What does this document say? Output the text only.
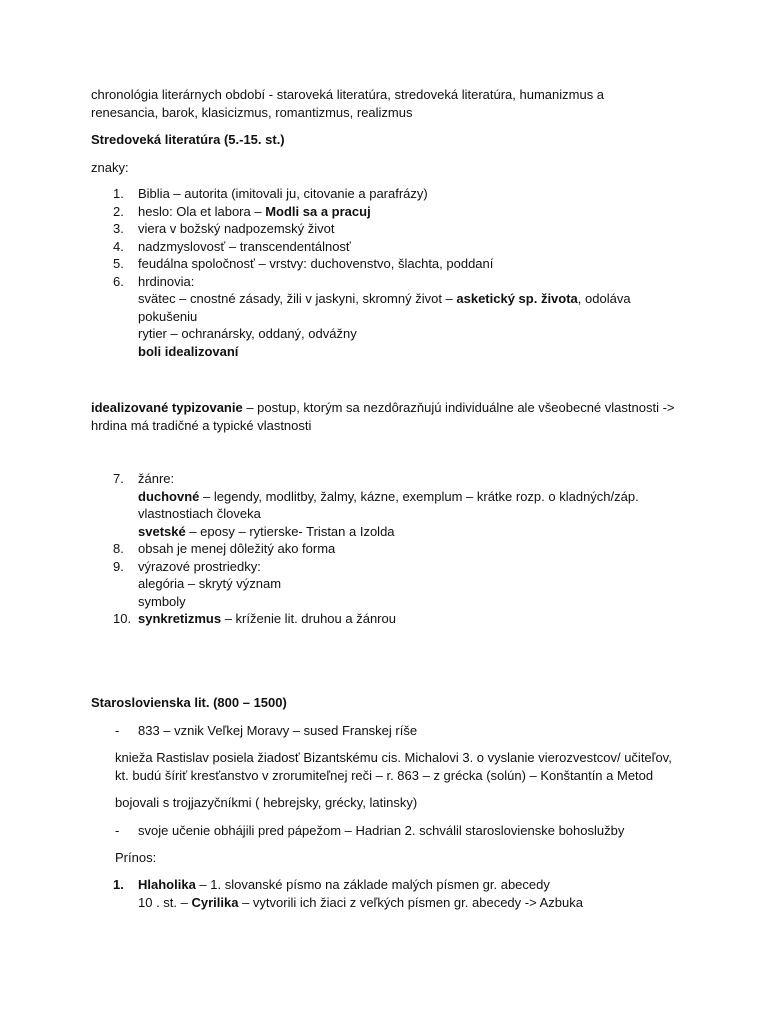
chronológia literárnych období - staroveká literatúra, stredoveká literatúra, humanizmus a
renesancia, barok, klasicizmus, romantizmus, realizmus

Stredoveká literatúra (5.-15. st.)

znaky:

1.	Biblia – autorita (imitovali ju, citovanie a parafrázy)
2.	heslo: Ola et labora – Modli sa a pracuj
3.	viera v božský nadpozemský život
4.	nadzmyslovosť – transcendentálnosť
5.	feudálna spoločnosť – vrstvy: duchovenstvo, šlachta, poddaní
6.	hrdinovia:
svätec – cnostné zásady, žili v jaskyni, skromný život – asketický sp. života, odoláva
pokušeniu
rytier – ochranársky, oddaný, odvážny
boli idealizovaní

idealizované typizovanie – postup, ktorým sa nezdôrazňujú individuálne ale všeobecné vlastnosti ->
hrdina má tradičné a typické vlastnosti

7.	žánre:
duchovné – legendy, modlitby, žalmy, kázne, exemplum – krátke rozp. o kladných/záp.
vlastnostiach človeka
svetské – eposy – rytierske- Tristan a Izolda
8.	obsah je menej dôležitý ako forma
9.	výrazové prostriedky:
alegória – skrytý význam
symboly
10. synkretizmus – kríženie lit. druhou a žánrou

Staroslovienska lit. (800 – 1500)

- 833 – vznik Veľkej Moravy – sused Franskej ríše

knieža Rastislav posiela žiadosť Bizantskému cis. Michalovi 3. o vyslanie vierozvestcov/ učiteľov,
kt. budú šíriť kresťanstvo v zrorumiteľnej reči – r. 863 – z grécka (solún) – Konštantín a Metod

bojovali s trojjazyčníkmi ( hebrejsky, grécky, latinsky)

- svoje učenie obhájili pred pápežom – Hadrian 2. schválil staroslovienske bohoslužby

Prínos:

1.	Hlaholika – 1. slovanské písmo na základe malých písmen gr. abecedy
10 . st. – Cyrilika – vytvorili ich žiaci z veľkých písmen gr. abecedy -> Azbuka
